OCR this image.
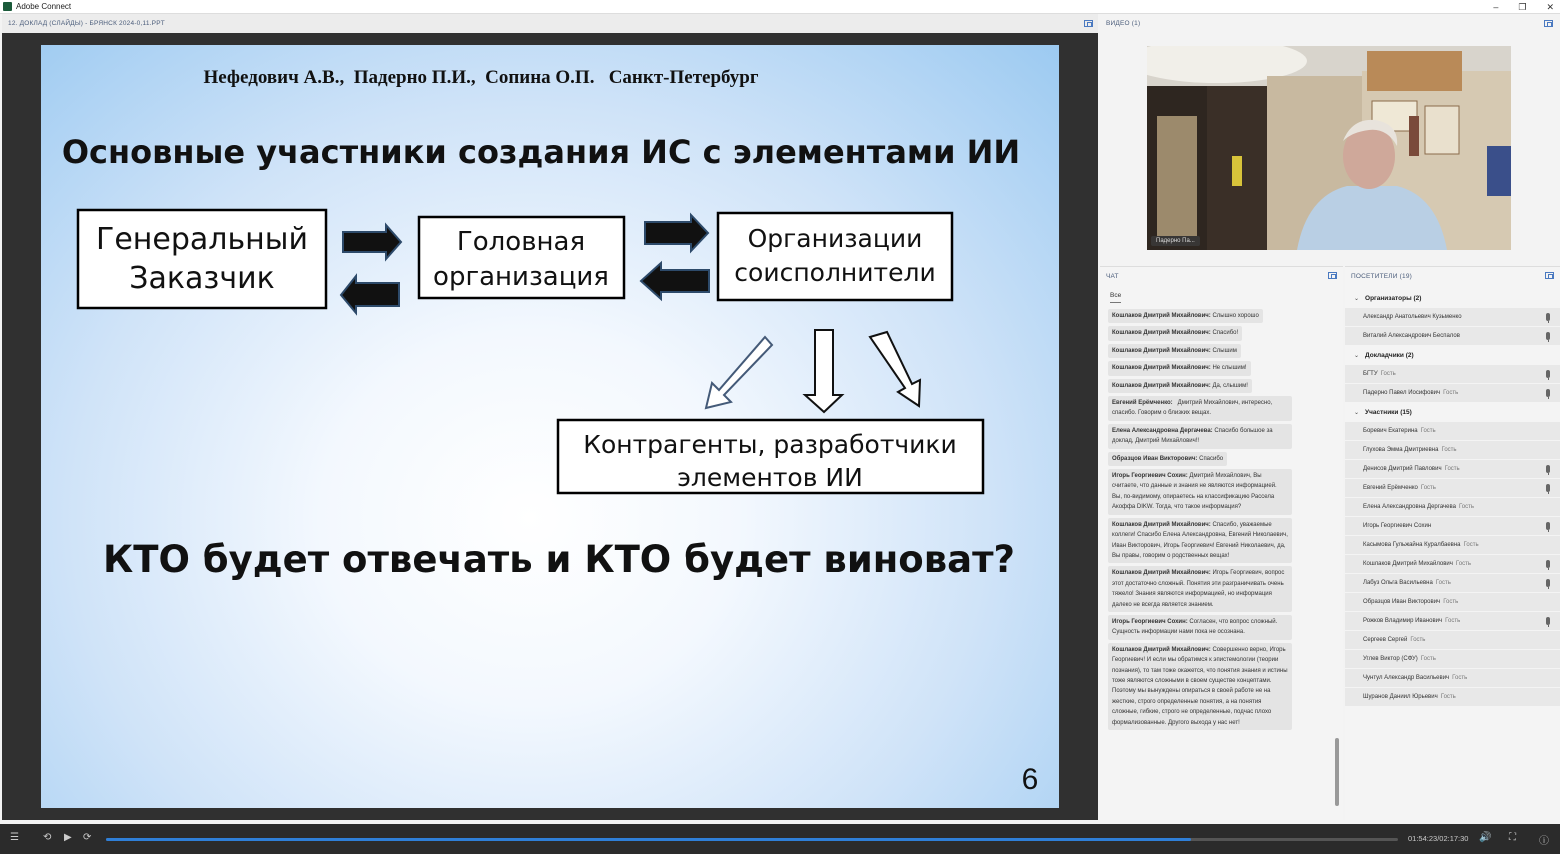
Adobe Connect	– ❐ ✕
12. ДОКЛАД (СЛАЙДЫ) - БРЯНСК 2024-0,11.PPT
Нефедович А.В.,  Падерно П.И.,  Сопина О.П.   Санкт-Петербург
Основные участники создания ИС с элементами ИИ
Генеральный
Заказчик
Головная
организация
Организации
соисполнители
Контрагенты, разработчики
элементов ИИ
КТО будет отвечать и КТО будет виноват?
6
ВИДЕО (1)
Падерно Па...
ЧАТ
Все
Кошлаков Дмитрий Михайлович: Слышно хорошо
Кошлаков Дмитрий Михайлович: Спасибо!
Кошлаков Дмитрий Михайлович: Слышим
Кошлаков Дмитрий Михайлович: Не слышим!
Кошлаков Дмитрий Михайлович: Да, слышим!
Евгений Ерёмченко:   Дмитрий Михайлович, интересно, спасибо. Говорим о близких вещах.
Елена Александровна Дергачева: Спасибо большое за доклад, Дмитрий Михайлович!!
Образцов Иван Викторович: Спасибо
Игорь Георгиевич Сохин: Дмитрий Михайлович, Вы считаете, что данные и знания не являются информацией.  Вы, по-видимому, опираетесь на классификацию Рассела Акоффа DIKW. Тогда, что такое информация?
Кошлаков Дмитрий Михайлович: Спасибо, уважаемые коллеги! Спасибо Елена Александровна, Евгений Николаевич, Иван Викторович, Игорь Георгиевич! Евгений Николаевич, да, Вы правы, говорим о родственных вещах!
Кошлаков Дмитрий Михайлович: Игорь Георгиевич, вопрос этот достаточно сложный. Понятия эти разграничивать очень тяжело! Знания являются информацией, но информация далеко не всегда является знанием.
Игорь Георгиевич Сохин: Согласен, что вопрос сложный. Сущность информации нами пока не осознана.
Кошлаков Дмитрий Михайлович: Совершенно верно, Игорь Георгиевич! И если мы обратимся к эпистемологии (теории познания), то там тоже окажется, что понятия знания и истины тоже являются сложными в своем существе концептами. Поэтому мы вынуждены опираться в своей работе не на жесткие, строго определенные понятия, а на понятия сложные, гибкие, строго не определенные, подчас плохо формализованные. Другого выхода у нас нет!
ПОСЕТИТЕЛИ (19)
⌄ Организаторы (2)
Александр Анатольевич Кузьменко
Виталий Александрович Беспалов
⌄ Докладчики (2)
БГТУ Гость
Падерно Павел Иосифович Гость
⌄ Участники (15)
Боревич Екатерина Гость
Глухова Эмма Дмитриевна Гость
Денисов Дмитрий Павлович Гость
Евгений Ерёмченко Гость
Елена Александровна Дергачева Гость
Игорь Георгиевич Сохин
Касымова Гульжайна Куралбаевна Гость
Кошлаков Дмитрий Михайлович Гость
Лабуз Ольга Васильевна Гость
Образцов Иван Викторович Гость
Рожков Владимир Иванович Гость
Сергеев Сергей Гость
Углев Виктор (СФУ) Гость
Чунтул Александр Васильевич Гость
Шуранов Даниил Юрьевич Гость
☰ ⟲ ▶ ⟳	01:54:23/02:17:30 🔊 ⛶ ⓘ
